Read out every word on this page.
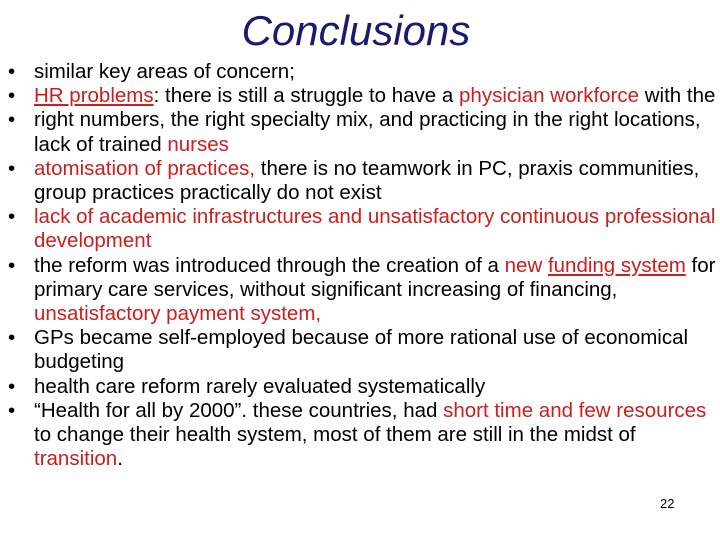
Conclusions
• similar key areas of concern;
• HR problems: there is still a struggle to have a physician workforce with the
• right numbers, the right specialty mix, and practicing in the right locations, lack of trained nurses
• atomisation of practices, there is no teamwork in PC, praxis communities, group practices practically do not exist
• lack of academic infrastructures and unsatisfactory continuous professional development
• the reform was introduced through the creation of a new funding system for primary care services, without significant increasing of financing, unsatisfactory payment system,
• GPs became self-employed because of more rational use of economical budgeting
• health care reform rarely evaluated systematically
• “Health for all by 2000”. these countries, had short time and few resources to change their health system, most of them are still in the midst of transition.
22
